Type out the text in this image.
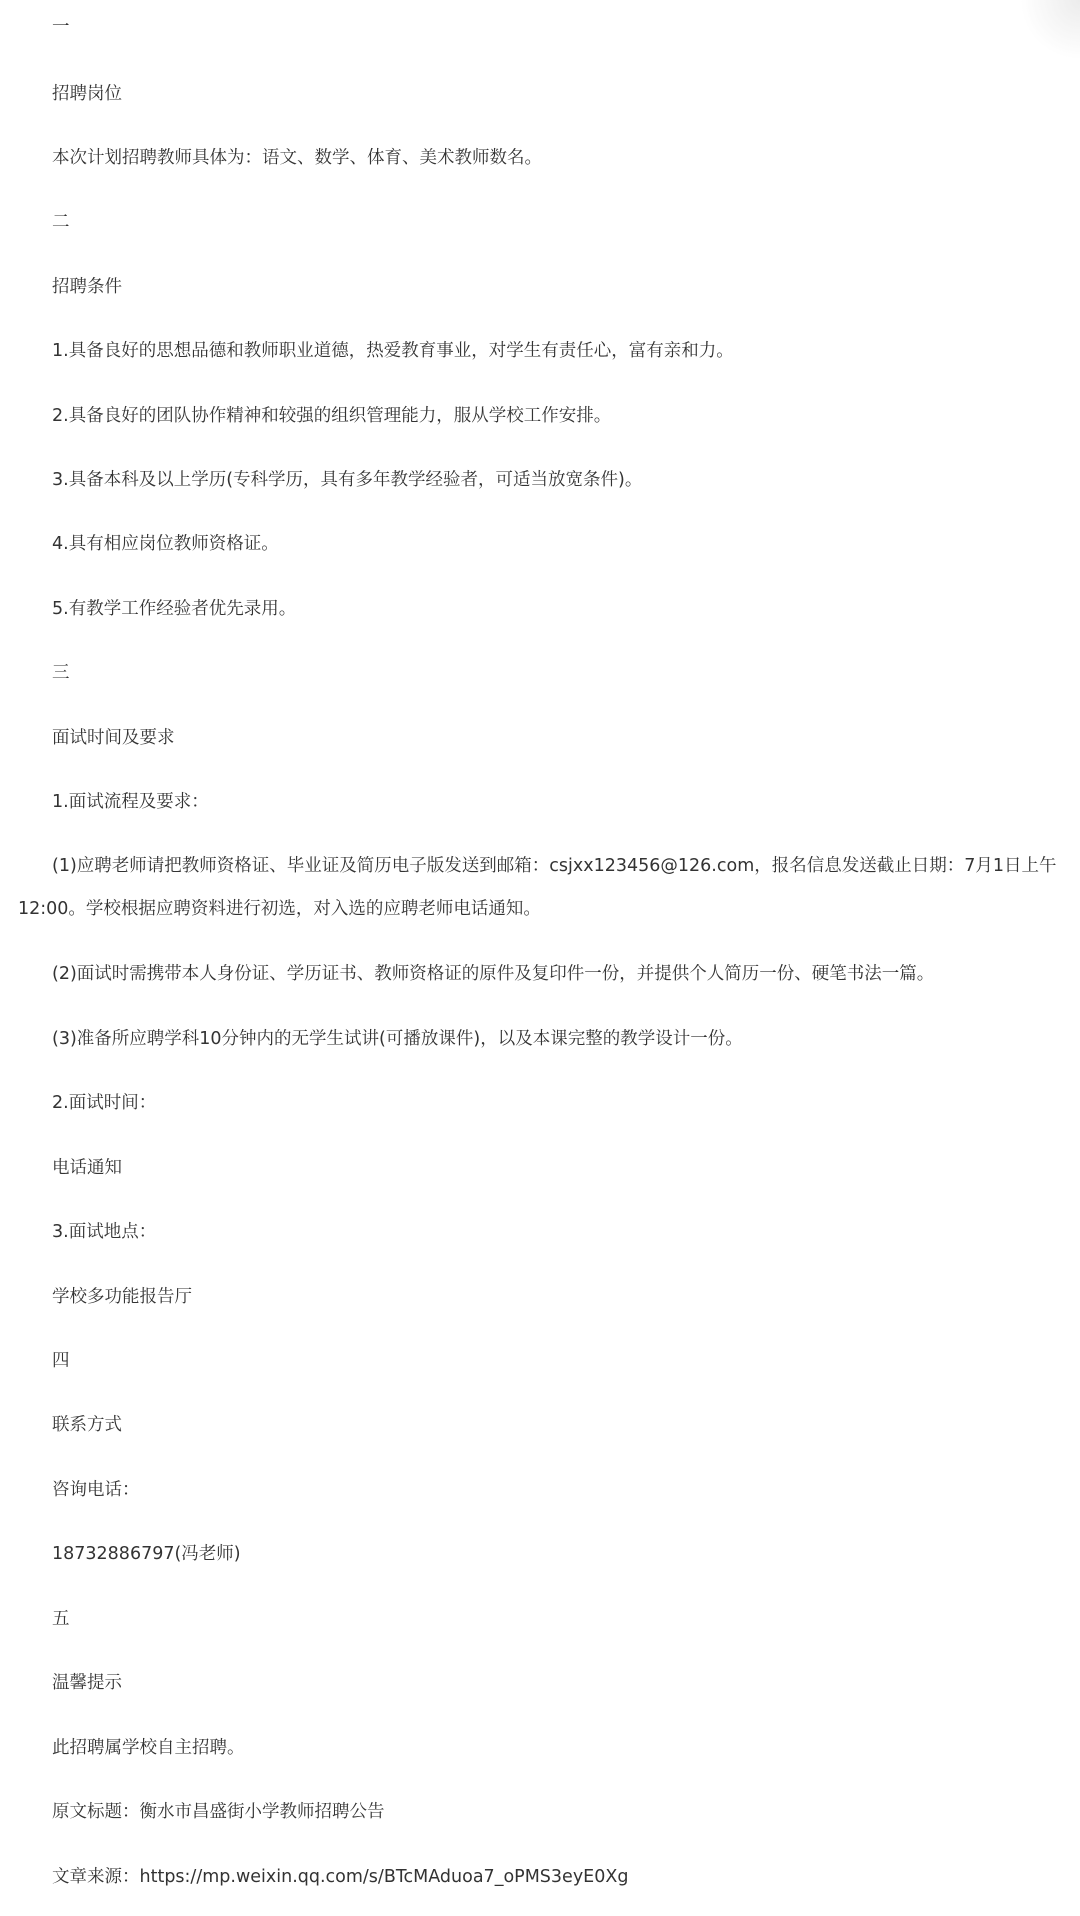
一
招聘岗位
本次计划招聘教师具体为：语文、数学、体育、美术教师数名。
二
招聘条件
1.具备良好的思想品德和教师职业道德，热爱教育事业，对学生有责任心，富有亲和力。
2.具备良好的团队协作精神和较强的组织管理能力，服从学校工作安排。
3.具备本科及以上学历(专科学历，具有多年教学经验者，可适当放宽条件)。
4.具有相应岗位教师资格证。
5.有教学工作经验者优先录用。
三
面试时间及要求
1.面试流程及要求：
(1)应聘老师请把教师资格证、毕业证及简历电子版发送到邮箱：csjxx123456@126.com，报名信息发送截止日期：7月1日上午12:00。学校根据应聘资料进行初选，对入选的应聘老师电话通知。
(2)面试时需携带本人身份证、学历证书、教师资格证的原件及复印件一份，并提供个人简历一份、硬笔书法一篇。
(3)准备所应聘学科10分钟内的无学生试讲(可播放课件)，以及本课完整的教学设计一份。
2.面试时间：
电话通知
3.面试地点：
学校多功能报告厅
四
联系方式
咨询电话：
18732886797(冯老师)
五
温馨提示
此招聘属学校自主招聘。
原文标题：衡水市昌盛街小学教师招聘公告
文章来源：https://mp.weixin.qq.com/s/BTcMAduoa7_oPMS3eyE0Xg
